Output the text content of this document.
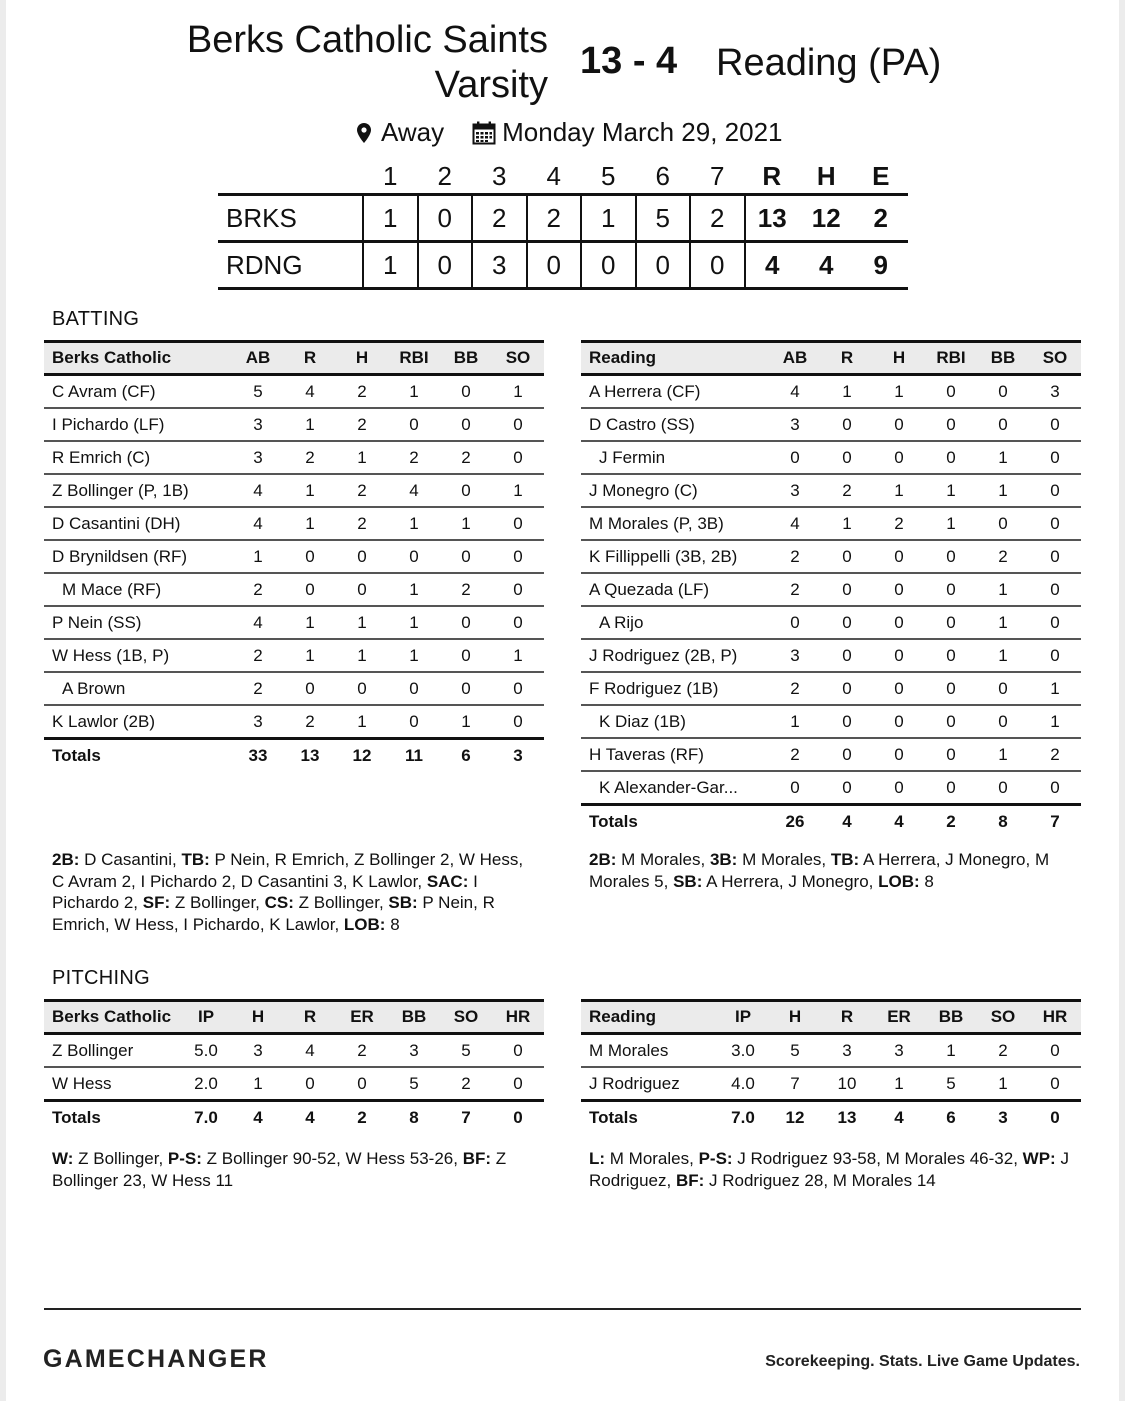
Berks Catholic Saints
Varsity
13 - 4 Reading (PA)
Away Monday March 29, 2021
	1	2	3	4	5	6	7	R	H	E
BRKS	1	0	2	2	1	5	2	13	12	2
RDNG	1	0	3	0	0	0	0	4	4	9
BATTING
Berks Catholic	AB	R	H	RBI	BB	SO
C Avram (CF)	5	4	2	1	0	1
I Pichardo (LF)	3	1	2	0	0	0
R Emrich (C)	3	2	1	2	2	0
Z Bollinger (P, 1B)	4	1	2	4	0	1
D Casantini (DH)	4	1	2	1	1	0
D Brynildsen (RF)	1	0	0	0	0	0
M Mace (RF)	2	0	0	1	2	0
P Nein (SS)	4	1	1	1	0	0
W Hess (1B, P)	2	1	1	1	0	1
A Brown	2	0	0	0	0	0
K Lawlor (2B)	3	2	1	0	1	0
Totals	33	13	12	11	6	3
Reading	AB	R	H	RBI	BB	SO
A Herrera (CF)	4	1	1	0	0	3
D Castro (SS)	3	0	0	0	0	0
J Fermin	0	0	0	0	1	0
J Monegro (C)	3	2	1	1	1	0
M Morales (P, 3B)	4	1	2	1	0	0
K Fillippelli (3B, 2B)	2	0	0	0	2	0
A Quezada (LF)	2	0	0	0	1	0
A Rijo	0	0	0	0	1	0
J Rodriguez (2B, P)	3	0	0	0	1	0
F Rodriguez (1B)	2	0	0	0	0	1
K Diaz (1B)	1	0	0	0	0	1
H Taveras (RF)	2	0	0	0	1	2
K Alexander-Gar...	0	0	0	0	0	0
Totals	26	4	4	2	8	7
2B: D Casantini, TB: P Nein, R Emrich, Z Bollinger 2, W Hess, C Avram 2, I Pichardo 2, D Casantini 3, K Lawlor, SAC: I Pichardo 2, SF: Z Bollinger, CS: Z Bollinger, SB: P Nein, R Emrich, W Hess, I Pichardo, K Lawlor, LOB: 8
2B: M Morales, 3B: M Morales, TB: A Herrera, J Monegro, M Morales 5, SB: A Herrera, J Monegro, LOB: 8
PITCHING
Berks Catholic	IP	H	R	ER	BB	SO	HR
Z Bollinger	5.0	3	4	2	3	5	0
W Hess	2.0	1	0	0	5	2	0
Totals	7.0	4	4	2	8	7	0
Reading	IP	H	R	ER	BB	SO	HR
M Morales	3.0	5	3	3	1	2	0
J Rodriguez	4.0	7	10	1	5	1	0
Totals	7.0	12	13	4	6	3	0
W: Z Bollinger, P-S: Z Bollinger 90-52, W Hess 53-26, BF: Z Bollinger 23, W Hess 11
L: M Morales, P-S: J Rodriguez 93-58, M Morales 46-32, WP: J Rodriguez, BF: J Rodriguez 28, M Morales 14
GAMECHANGER	Scorekeeping. Stats. Live Game Updates.
